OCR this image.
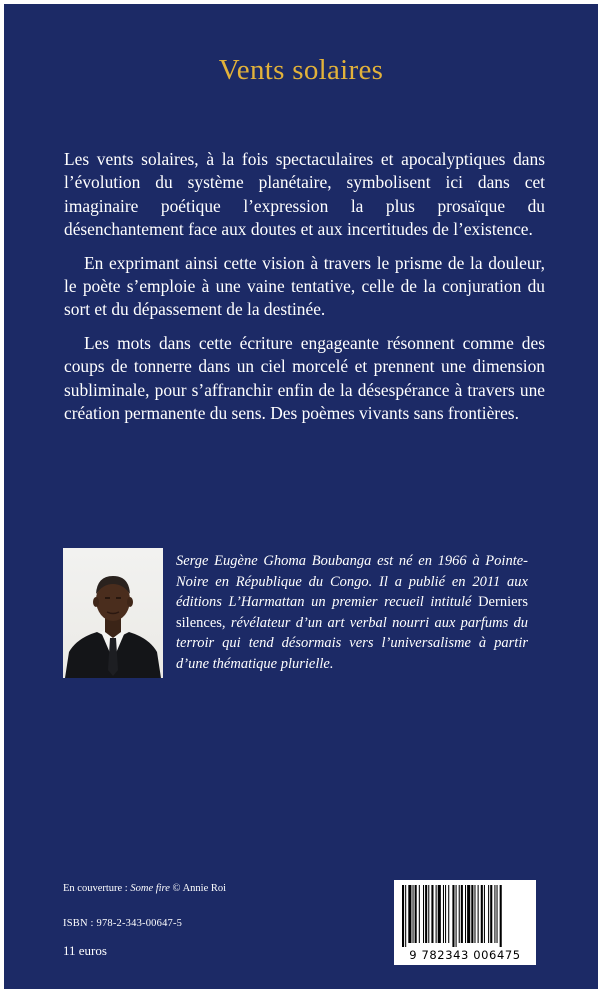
Vents solaires

Les vents solaires, à la fois spectaculaires et apocalyptiques dans l’évolution du système planétaire, symbolisent ici dans cet imaginaire poétique l’expression la plus prosaïque du désenchantement face aux doutes et aux incertitudes de l’existence.

En exprimant ainsi cette vision à travers le prisme de la douleur, le poète s’emploie à une vaine tentative, celle de la conjuration du sort et du dépassement de la destinée.

Les mots dans cette écriture engageante résonnent comme des coups de tonnerre dans un ciel morcelé et prennent une dimension subliminale, pour s’affranchir enfin de la désespérance à travers une création permanente du sens. Des poèmes vivants sans frontières.

Serge Eugène Ghoma Boubanga est né en 1966 à Pointe-Noire en République du Congo. Il a publié en 2011 aux éditions L’Harmattan un premier recueil intitulé Derniers silences, révélateur d’un art verbal nourri aux parfums du terroir qui tend désormais vers l’universalisme à partir d’une thématique plurielle.
En couverture : Some fire © Annie Roi
ISBN : 978-2-343-00647-5
11 euros	9 782343 006475
